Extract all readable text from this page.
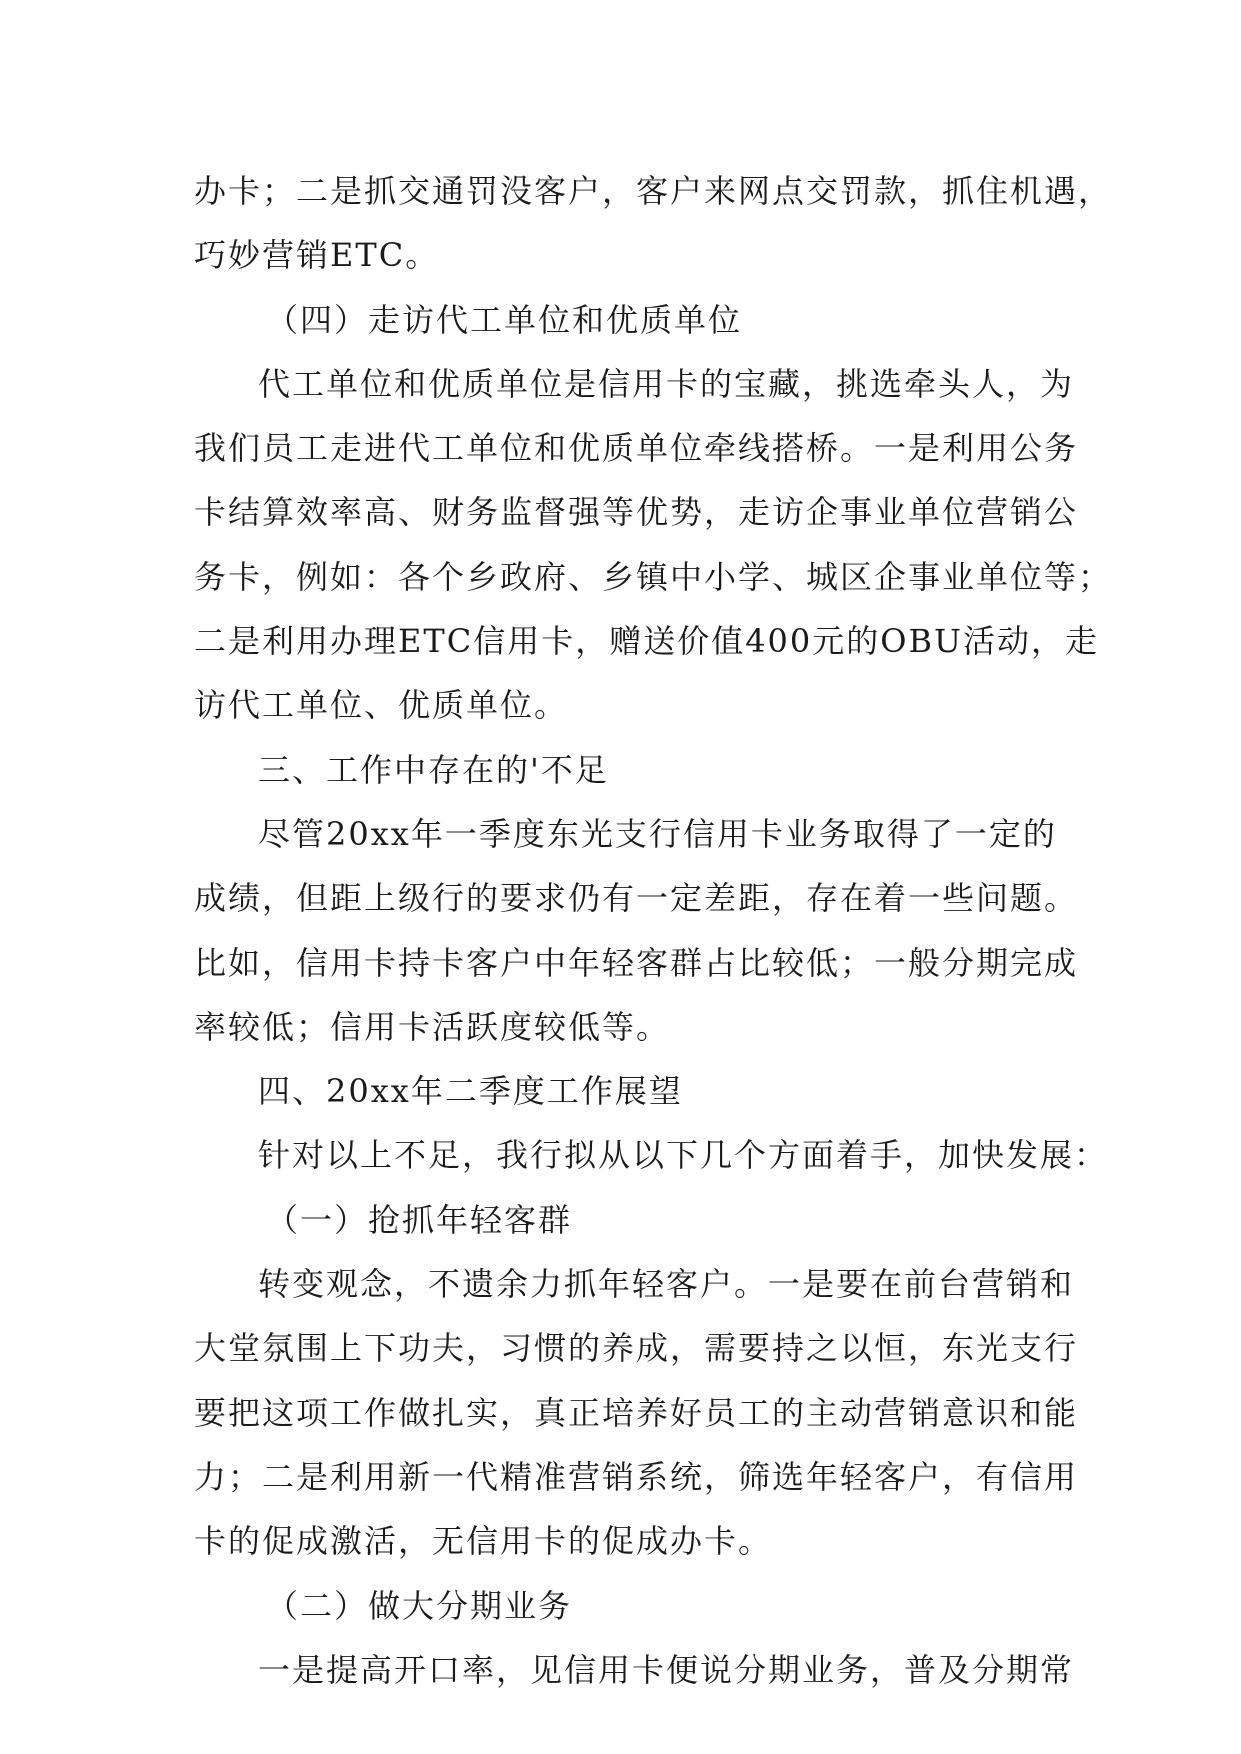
办卡；二是抓交通罚没客户，客户来网点交罚款，抓住机遇，
巧妙营销ETC。
（四）走访代工单位和优质单位
代工单位和优质单位是信用卡的宝藏，挑选牵头人，为
我们员工走进代工单位和优质单位牵线搭桥。一是利用公务
卡结算效率高、财务监督强等优势，走访企事业单位营销公
务卡，例如：各个乡政府、乡镇中小学、城区企事业单位等；
二是利用办理ETC信用卡，赠送价值400元的OBU活动，走
访代工单位、优质单位。
三、工作中存在的'不足
尽管20xx年一季度东光支行信用卡业务取得了一定的
成绩，但距上级行的要求仍有一定差距，存在着一些问题。
比如，信用卡持卡客户中年轻客群占比较低；一般分期完成
率较低；信用卡活跃度较低等。
四、20xx年二季度工作展望
针对以上不足，我行拟从以下几个方面着手，加快发展：
（一）抢抓年轻客群
转变观念，不遗余力抓年轻客户。一是要在前台营销和
大堂氛围上下功夫，习惯的养成，需要持之以恒，东光支行
要把这项工作做扎实，真正培养好员工的主动营销意识和能
力；二是利用新一代精准营销系统，筛选年轻客户，有信用
卡的促成激活，无信用卡的促成办卡。
（二）做大分期业务
一是提高开口率，见信用卡便说分期业务，普及分期常
